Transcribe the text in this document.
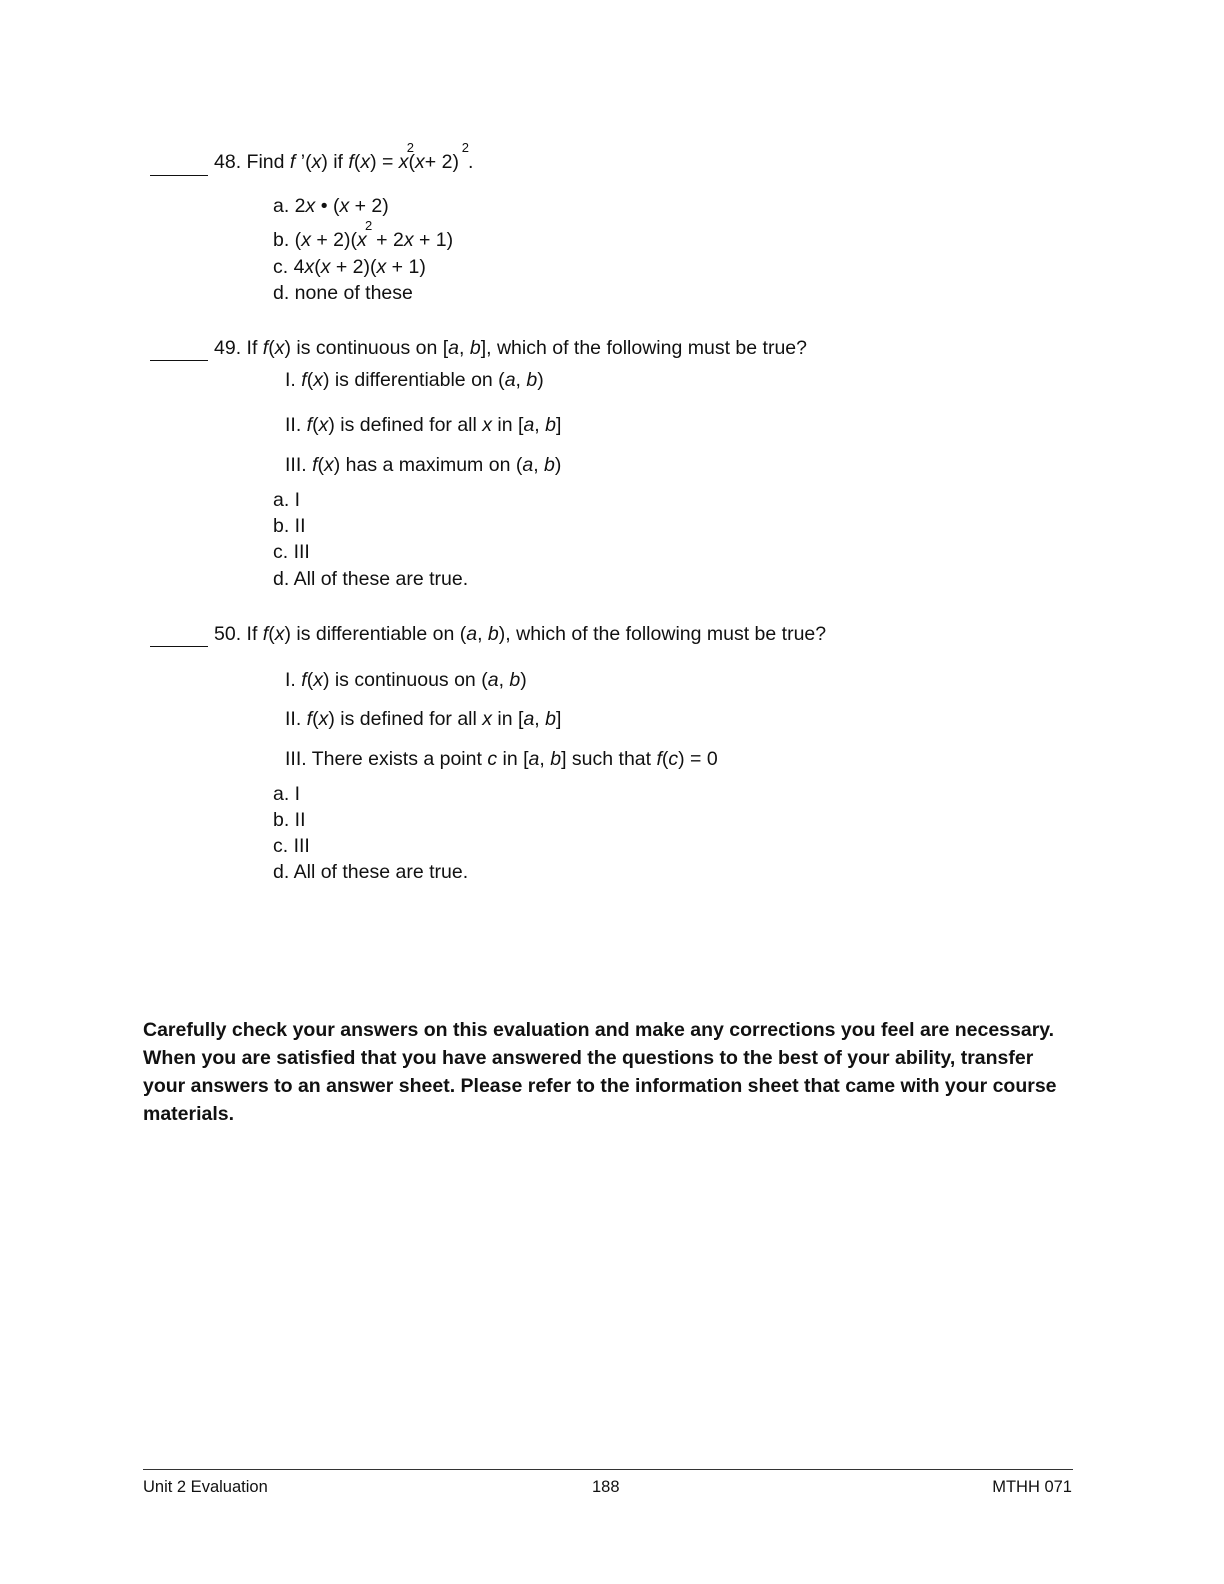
48. Find f ’(x) if f(x) = x
2
(x+ 2)
2
.
a. 2x • (x + 2)
b. (x + 2)(x
2
+ 2x + 1)
c. 4x(x + 2)(x + 1)
d. none of these
49. If f(x) is continuous on [a, b], which of the following must be true?
I. f(x) is differentiable on (a, b)
II. f(x) is defined for all x in [a, b]
III. f(x) has a maximum on (a, b)
a. I
b. II
c. III
d. All of these are true.
50. If f(x) is differentiable on (a, b), which of the following must be true?
I. f(x) is continuous on (a, b)
II. f(x) is defined for all x in [a, b]
III. There exists a point c in [a, b] such that f(c) = 0
a. I
b. II
c. III
d. All of these are true.
Carefully check your answers on this evaluation and make any corrections you feel are necessary. When you are satisfied that you have answered the questions to the best of your ability, transfer your answers to an answer sheet. Please refer to the information sheet that came with your course materials.
Unit 2 Evaluation	188	MTHH 071
